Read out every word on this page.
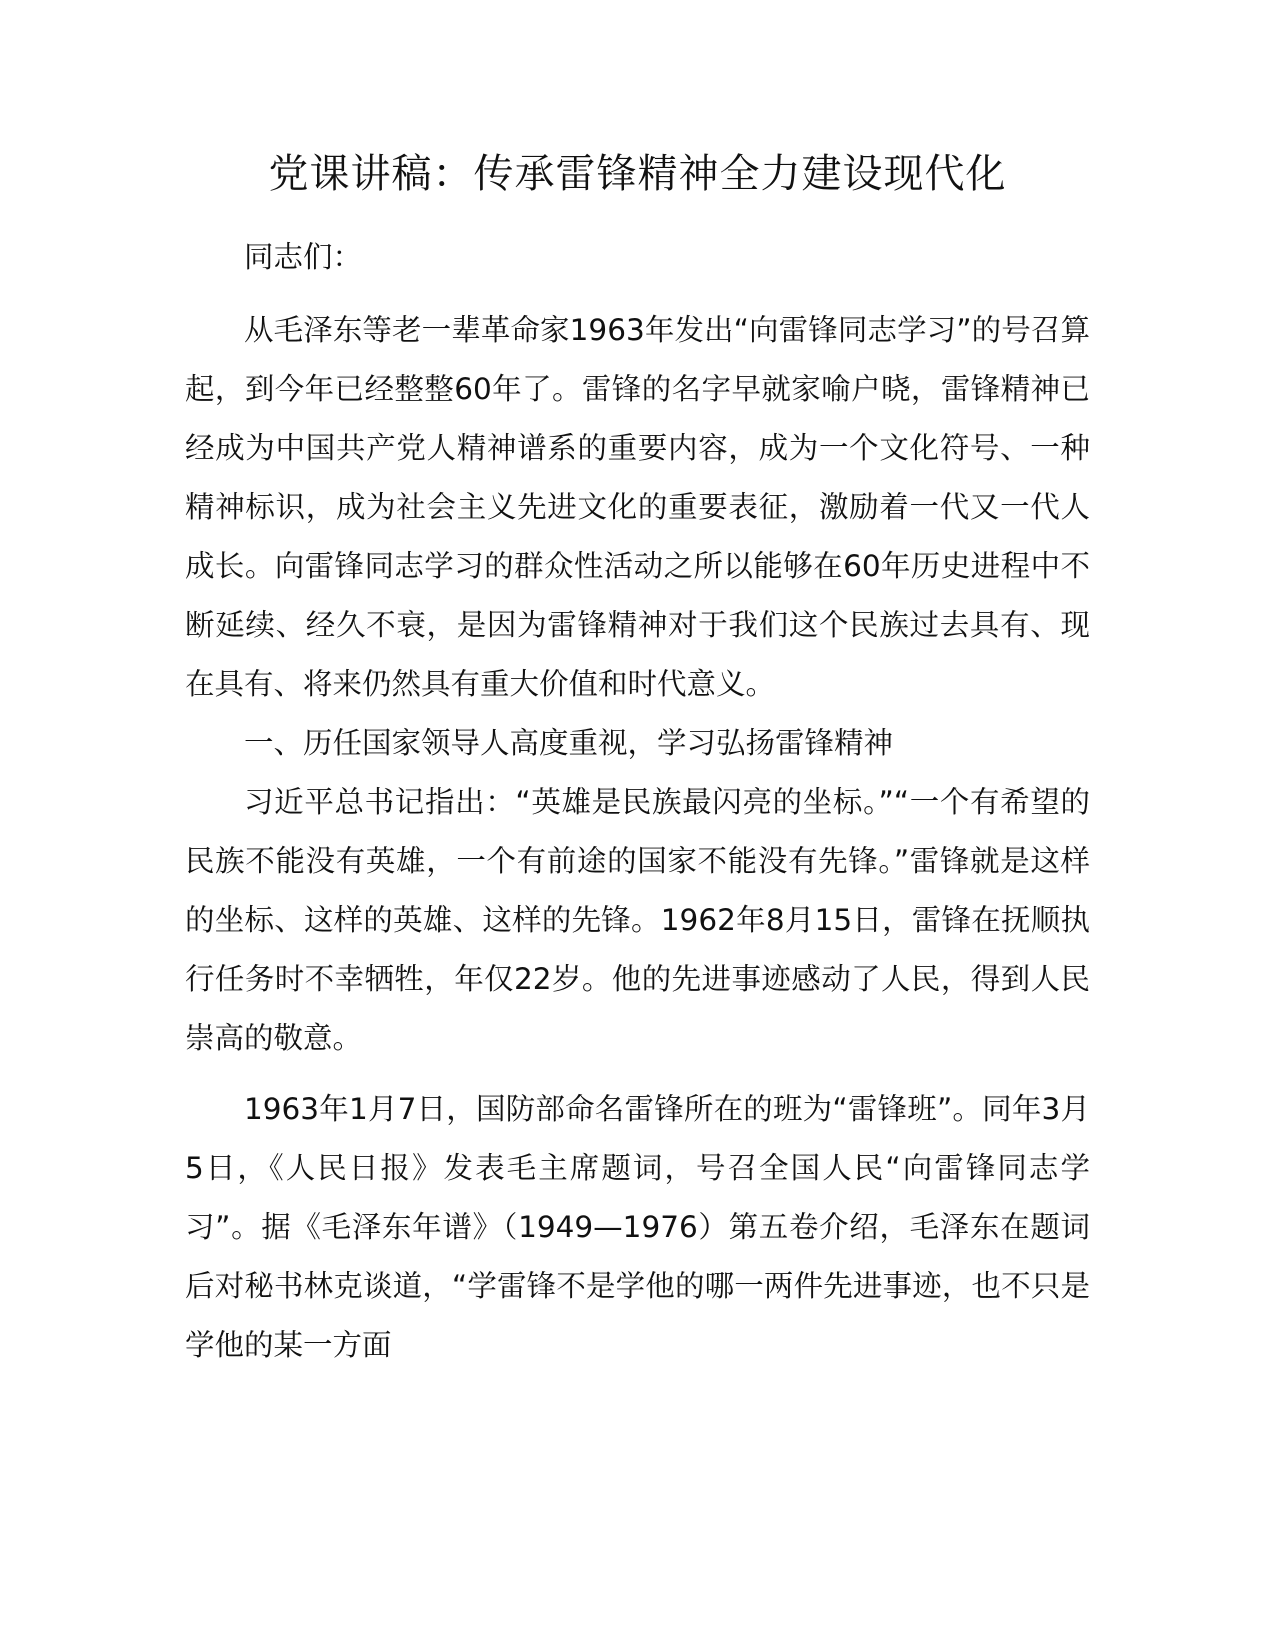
党课讲稿：传承雷锋精神全力建设现代化

同志们：

从毛泽东等老一辈革命家1963年发出“向雷锋同志学习”的号召算起，到今年已经整整60年了。雷锋的名字早就家喻户晓，雷锋精神已经成为中国共产党人精神谱系的重要内容，成为一个文化符号、一种精神标识，成为社会主义先进文化的重要表征，激励着一代又一代人成长。向雷锋同志学习的群众性活动之所以能够在60年历史进程中不断延续、经久不衰，是因为雷锋精神对于我们这个民族过去具有、现在具有、将来仍然具有重大价值和时代意义。

一、历任国家领导人高度重视，学习弘扬雷锋精神

习近平总书记指出：“英雄是民族最闪亮的坐标。”“一个有希望的民族不能没有英雄，一个有前途的国家不能没有先锋。”雷锋就是这样的坐标、这样的英雄、这样的先锋。1962年8月15日，雷锋在抚顺执行任务时不幸牺牲，年仅22岁。他的先进事迹感动了人民，得到人民崇高的敬意。

1963年1月7日，国防部命名雷锋所在的班为“雷锋班”。同年3月5日，《人民日报》发表毛主席题词，号召全国人民“向雷锋同志学习”。据《毛泽东年谱》（1949—1976）第五卷介绍，毛泽东在题词后对秘书林克谈道，“学雷锋不是学他的哪一两件先进事迹，也不只是学他的某一方面
